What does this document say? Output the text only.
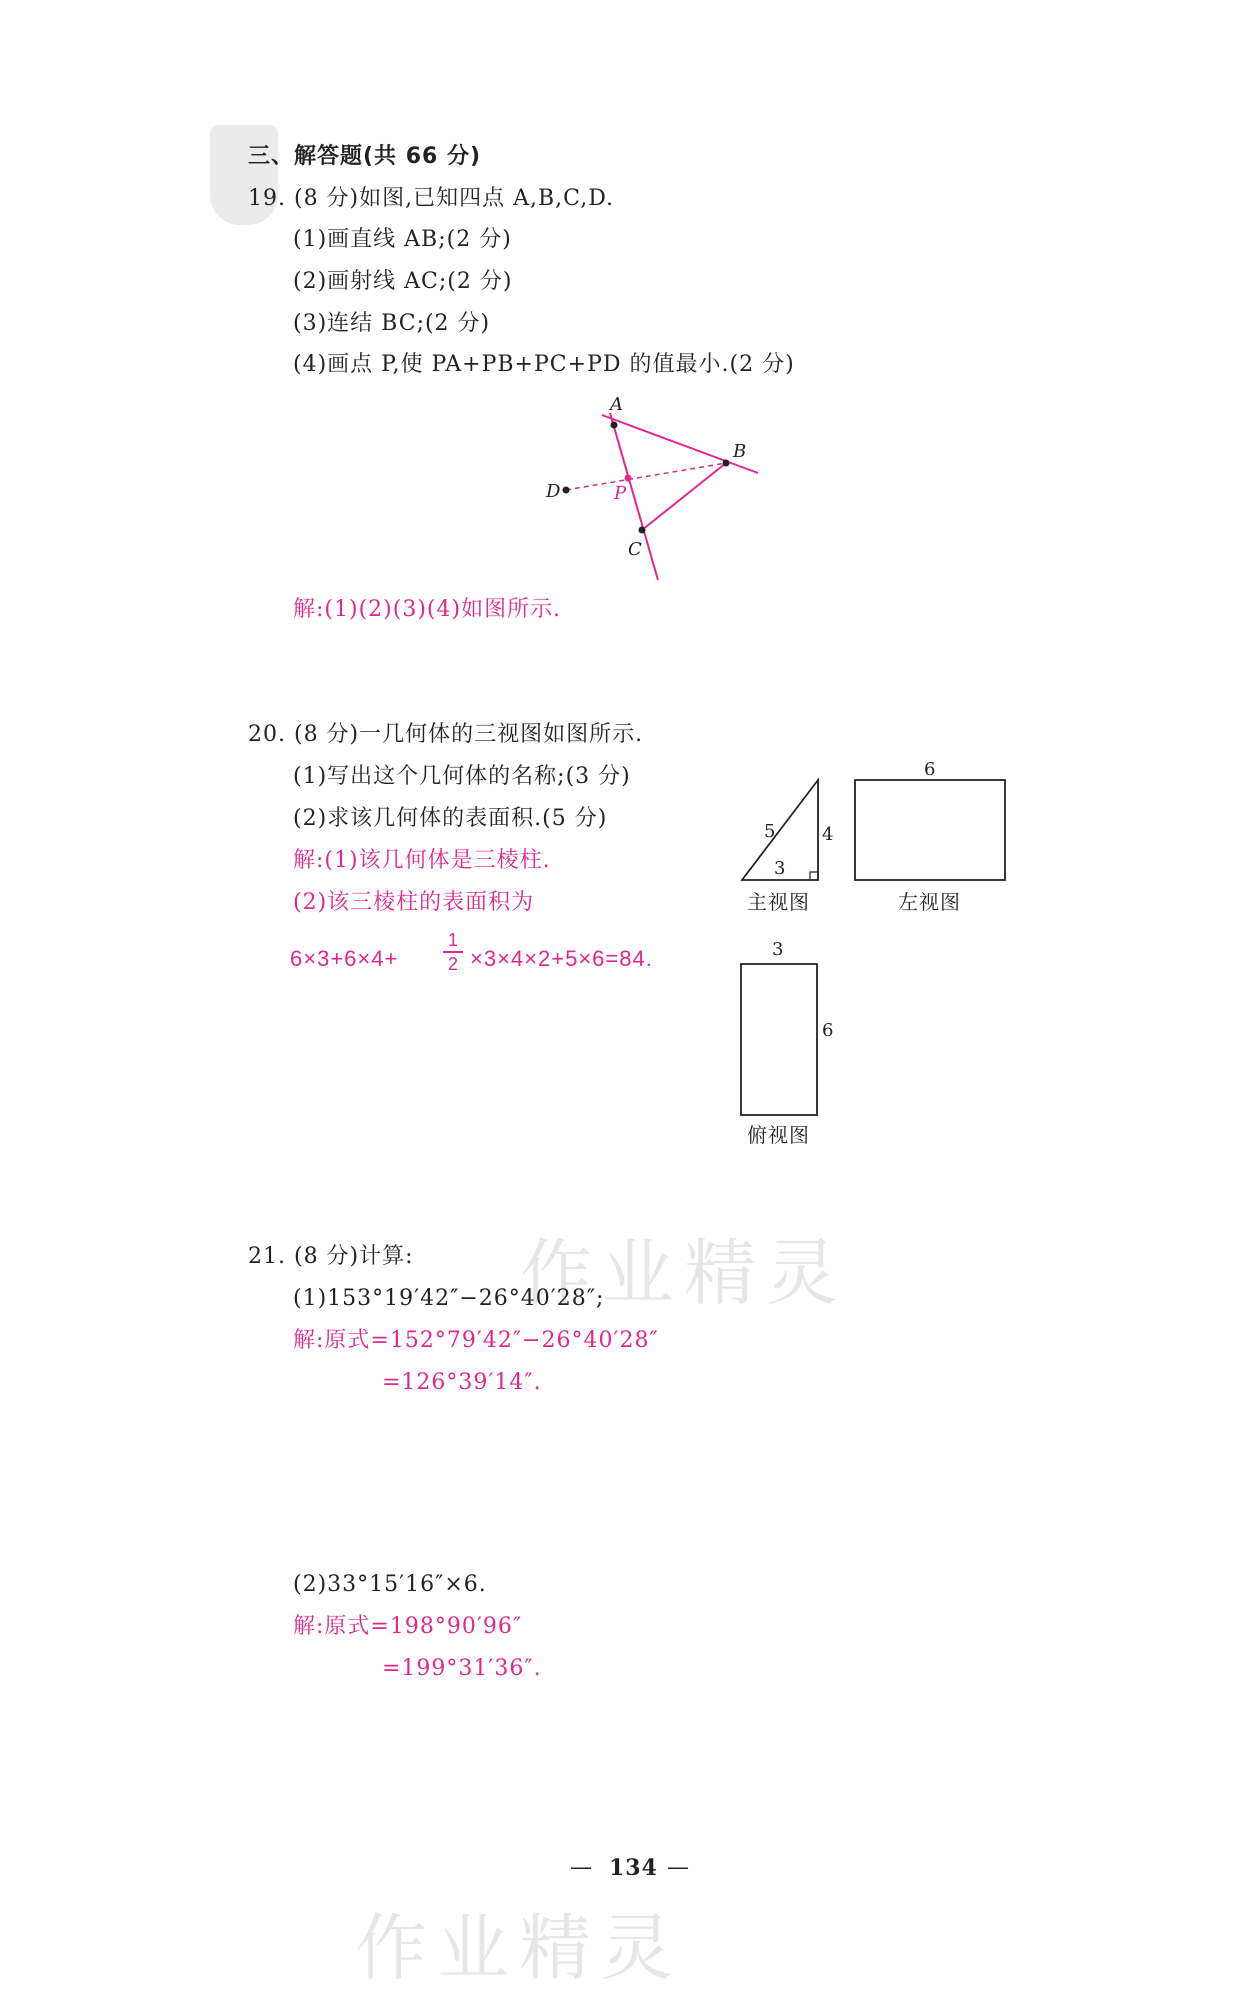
作业精灵
作业精灵
三、解答题(共 66 分)
19. (8 分)如图,已知四点 A,B,C,D.
(1)画直线 AB;(2 分)
(2)画射线 AC;(2 分)
(3)连结 BC;(2 分)
(4)画点 P,使 PA+PB+PC+PD 的值最小.(2 分)
A
B
C
D	P
解:(1)(2)(3)(4)如图所示.
20. (8 分)一几何体的三视图如图所示.
(1)写出这个几何体的名称;(3 分)
(2)求该几何体的表面积.(5 分)
解:(1)该几何体是三棱柱.
(2)该三棱柱的表面积为
6×3+6×4+
1
2 ×3×4×2+5×6=84.
5
3
4
主视图
6
左视图
3
6
俯视图
21. (8 分)计算:
(1)153°19′42″−26°40′28″;
解:原式=152°79′42″−26°40′28″
=126°39′14″.
(2)33°15′16″×6.
解:原式=198°90′96″
=199°31′36″.
— 134 —
